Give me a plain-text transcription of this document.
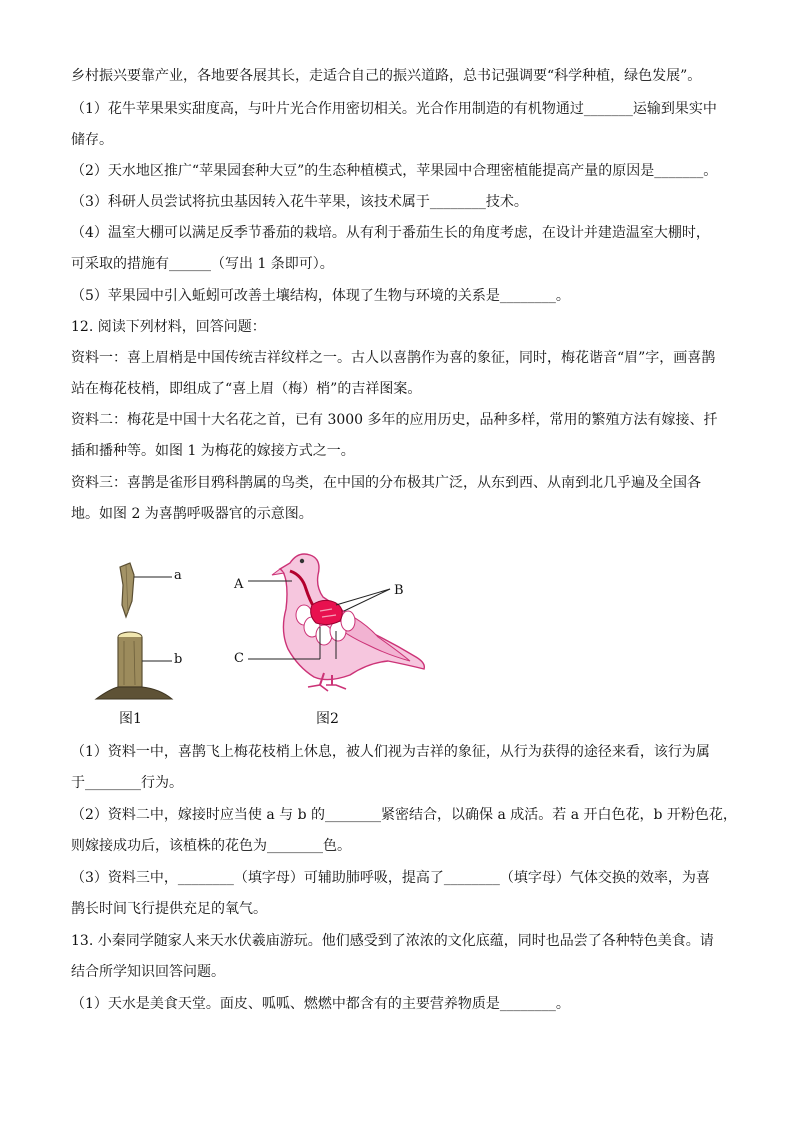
乡村振兴要靠产业，各地要各展其长，走适合自己的振兴道路，总书记强调要“科学种植，绿色发展”。
（1）花牛苹果果实甜度高，与叶片光合作用密切相关。光合作用制造的有机物通过_______运输到果实中
储存。
（2）天水地区推广“苹果园套种大豆”的生态种植模式，苹果园中合理密植能提高产量的原因是_______。
（3）科研人员尝试将抗虫基因转入花牛苹果，该技术属于________技术。
（4）温室大棚可以满足反季节番茄的栽培。从有利于番茄生长的角度考虑，在设计并建造温室大棚时，
可采取的措施有______（写出 1 条即可）。
（5）苹果园中引入蚯蚓可改善土壤结构，体现了生物与环境的关系是________。
12. 阅读下列材料，回答问题：
资料一：喜上眉梢是中国传统吉祥纹样之一。古人以喜鹊作为喜的象征，同时，梅花谐音“眉”字，画喜鹊
站在梅花枝梢，即组成了“喜上眉（梅）梢”的吉祥图案。
资料二：梅花是中国十大名花之首，已有 3000 多年的应用历史，品种多样，常用的繁殖方法有嫁接、扦
插和播种等。如图 1 为梅花的嫁接方式之一。
资料三：喜鹊是雀形目鸦科鹊属的鸟类，在中国的分布极其广泛，从东到西、从南到北几乎遍及全国各
地。如图 2 为喜鹊呼吸器官的示意图。
a
b
图1
A	B
C
图2
（1）资料一中，喜鹊飞上梅花枝梢上休息，被人们视为吉祥的象征，从行为获得的途径来看，该行为属
于________行为。
（2）资料二中，嫁接时应当使 a 与 b 的________紧密结合，以确保 a 成活。若 a 开白色花，b 开粉色花，
则嫁接成功后，该植株的花色为________色。
（3）资料三中，________（填字母）可辅助肺呼吸，提高了________（填字母）气体交换的效率，为喜
鹊长时间飞行提供充足的氧气。
13. 小秦同学随家人来天水伏羲庙游玩。他们感受到了浓浓的文化底蕴，同时也品尝了各种特色美食。请
结合所学知识回答问题。
（1）天水是美食天堂。面皮、呱呱、燃燃中都含有的主要营养物质是________。
